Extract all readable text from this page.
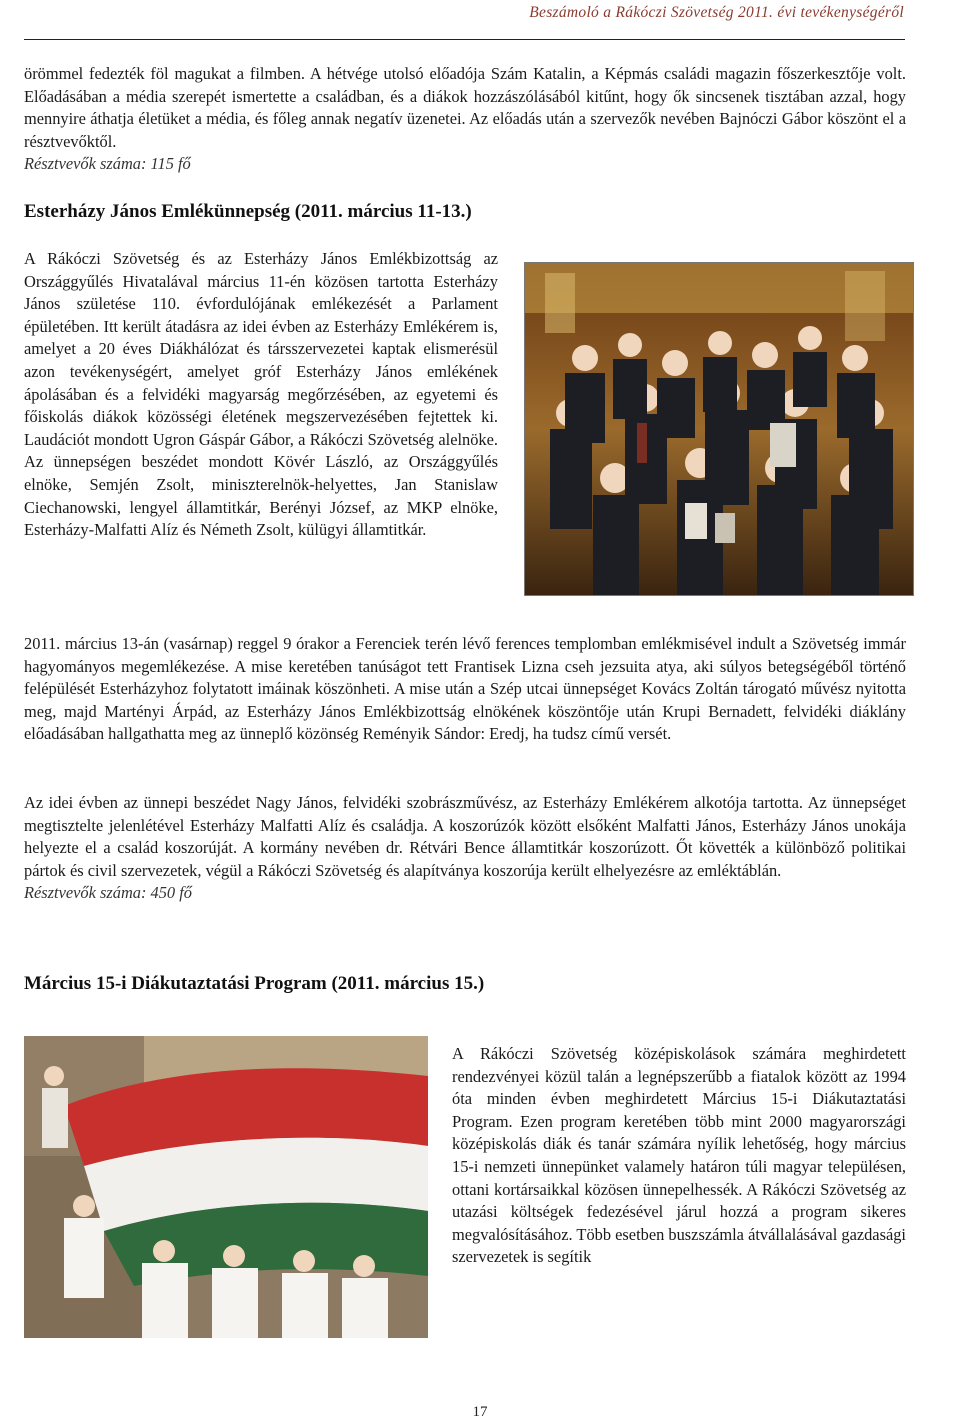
Beszámoló a Rákóczi Szövetség 2011. évi tevékenységéről

örömmel fedezték föl magukat a filmben. A hétvége utolsó előadója Szám Katalin, a Képmás családi magazin főszerkesztője volt. Előadásában a média szerepét ismertette a családban, és a diákok hozzászólásából kitűnt, hogy ők sincsenek tisztában azzal, hogy mennyire áthatja életüket a média, és főleg annak negatív üzenetei. Az előadás után a szervezők nevében Bajnóczi Gábor köszönt el a résztvevőktől.

Résztvevők száma: 115 fő

Esterházy János Emlékünnepség (2011. március 11-13.)

A Rákóczi Szövetség és az Esterházy János Emlékbizottság az Országgyűlés Hivatalával március 11-én közösen tartotta Esterházy János születése 110. évfordulójának emlékezését a Parlament épületében. Itt került átadásra az idei évben az Esterházy Emlékérem is, amelyet a 20 éves Diákhálózat és társszervezetei kaptak elismerésül azon tevékenységért, amelyet gróf Esterházy János emlékének ápolásában és a felvidéki magyarság megőrzésében, az egyetemi és főiskolás diákok közösségi életének megszervezésében fejtettek ki. Laudációt mondott Ugron Gáspár Gábor, a Rákóczi Szövetség alelnöke. Az ünnepségen beszédet mondott Kövér László, az Országgyűlés elnöke, Semjén Zsolt, miniszterelnök-helyettes, Jan Stanislaw Ciechanowski, lengyel államtitkár, Berényi József, az MKP elnöke, Esterházy-Malfatti Alíz és Németh Zsolt, külügyi államtitkár.

2011. március 13-án (vasárnap) reggel 9 órakor a Ferenciek terén lévő ferences templomban emlékmisével indult a Szövetség immár hagyományos megemlékezése. A mise keretében tanúságot tett Frantisek Lizna cseh jezsuita atya, aki súlyos betegségéből történő felépülését Esterházyhoz folytatott imáinak köszönheti. A mise után a Szép utcai ünnepséget Kovács Zoltán tárogató művész nyitotta meg, majd Martényi Árpád, az Esterházy János Emlékbizottság elnökének köszöntője után Krupi Bernadett, felvidéki diáklány előadásában hallgathatta meg az ünneplő közönség Reményik Sándor: Eredj, ha tudsz című versét.

Az idei évben az ünnepi beszédet Nagy János, felvidéki szobrászművész, az Esterházy Emlékérem alkotója tartotta. Az ünnepséget megtisztelte jelenlétével Esterházy Malfatti Alíz és családja. A koszorúzók között elsőként Malfatti János, Esterházy János unokája helyezte el a család koszorúját. A kormány nevében dr. Rétvári Bence államtitkár koszorúzott. Őt követték a különböző politikai pártok és civil szervezetek, végül a Rákóczi Szövetség és alapítványa koszorúja került elhelyezésre az emléktáblán.

Résztvevők száma: 450 fő

Március 15-i Diákutaztatási Program (2011. március 15.)

A Rákóczi Szövetség középiskolások számára meghirdetett rendezvényei közül talán a legnépszerűbb a fiatalok között az 1994 óta minden évben meghirdetett Március 15-i Diákutaztatási Program. Ezen program keretében több mint 2000 magyarországi középiskolás diák és tanár számára nyílik lehetőség, hogy március 15-i nemzeti ünnepünket valamely határon túli magyar településen, ottani kortársaikkal közösen ünnepelhessék. A Rákóczi Szövetség az utazási költségek fedezésével járul hozzá a program sikeres megvalósításához. Több esetben buszszámla átvállalásával gazdasági szervezetek is segítik

17
